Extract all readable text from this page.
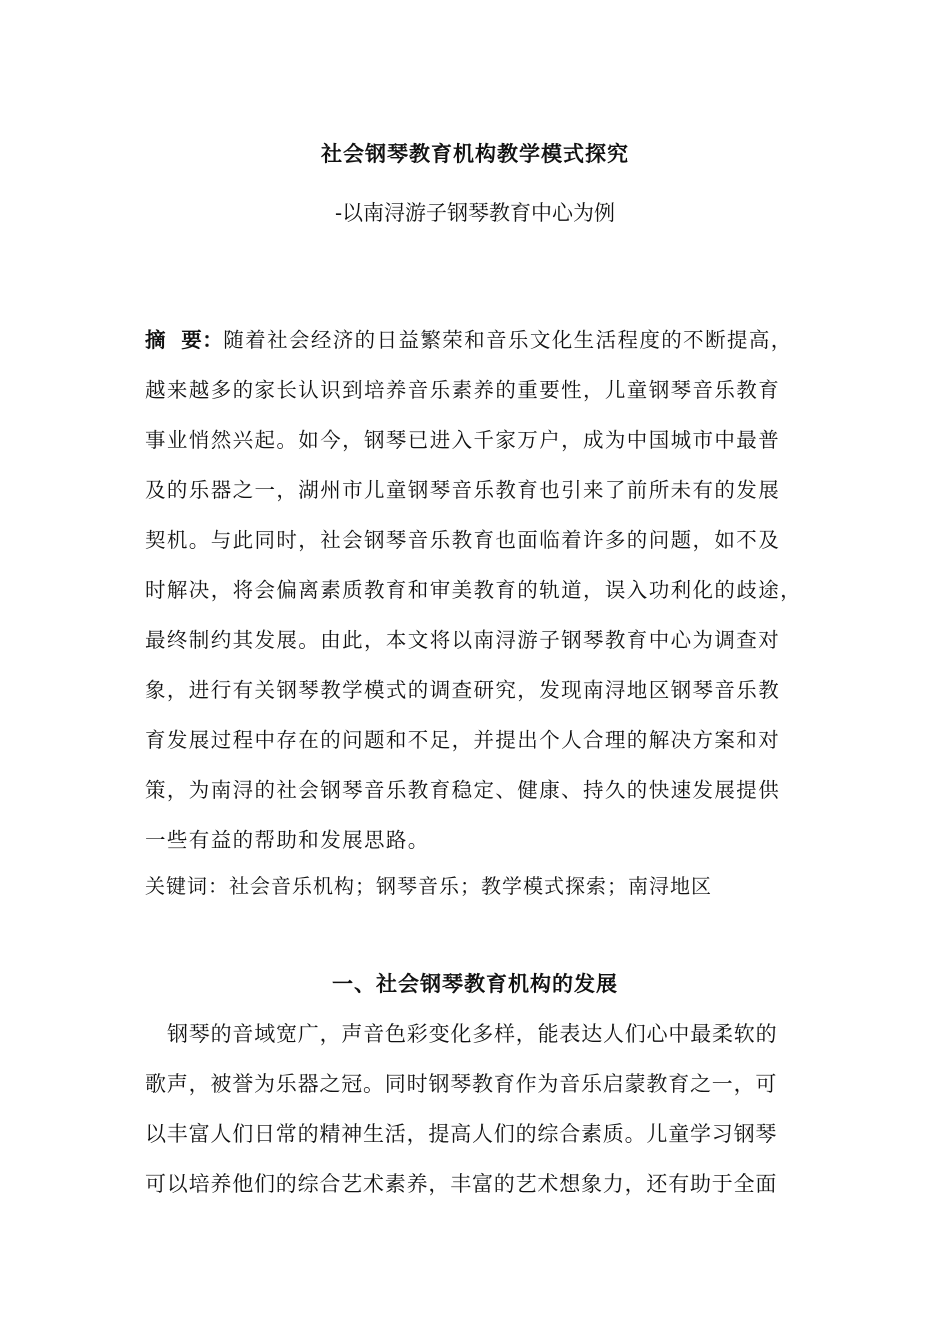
社会钢琴教育机构教学模式探究
-以南浔游子钢琴教育中心为例
摘  要：随着社会经济的日益繁荣和音乐文化生活程度的不断提高，
越来越多的家长认识到培养音乐素养的重要性，儿童钢琴音乐教育
事业悄然兴起。如今，钢琴已进入千家万户，成为中国城市中最普
及的乐器之一，湖州市儿童钢琴音乐教育也引来了前所未有的发展
契机。与此同时，社会钢琴音乐教育也面临着许多的问题，如不及
时解决，将会偏离素质教育和审美教育的轨道，误入功利化的歧途，
最终制约其发展。由此，本文将以南浔游子钢琴教育中心为调查对
象，进行有关钢琴教学模式的调查研究，发现南浔地区钢琴音乐教
育发展过程中存在的问题和不足，并提出个人合理的解决方案和对
策，为南浔的社会钢琴音乐教育稳定、健康、持久的快速发展提供
一些有益的帮助和发展思路。
关键词：社会音乐机构；钢琴音乐；教学模式探索；南浔地区
一、社会钢琴教育机构的发展
钢琴的音域宽广，声音色彩变化多样，能表达人们心中最柔软的
歌声，被誉为乐器之冠。同时钢琴教育作为音乐启蒙教育之一，可
以丰富人们日常的精神生活，提高人们的综合素质。儿童学习钢琴
可以培养他们的综合艺术素养，丰富的艺术想象力，还有助于全面
